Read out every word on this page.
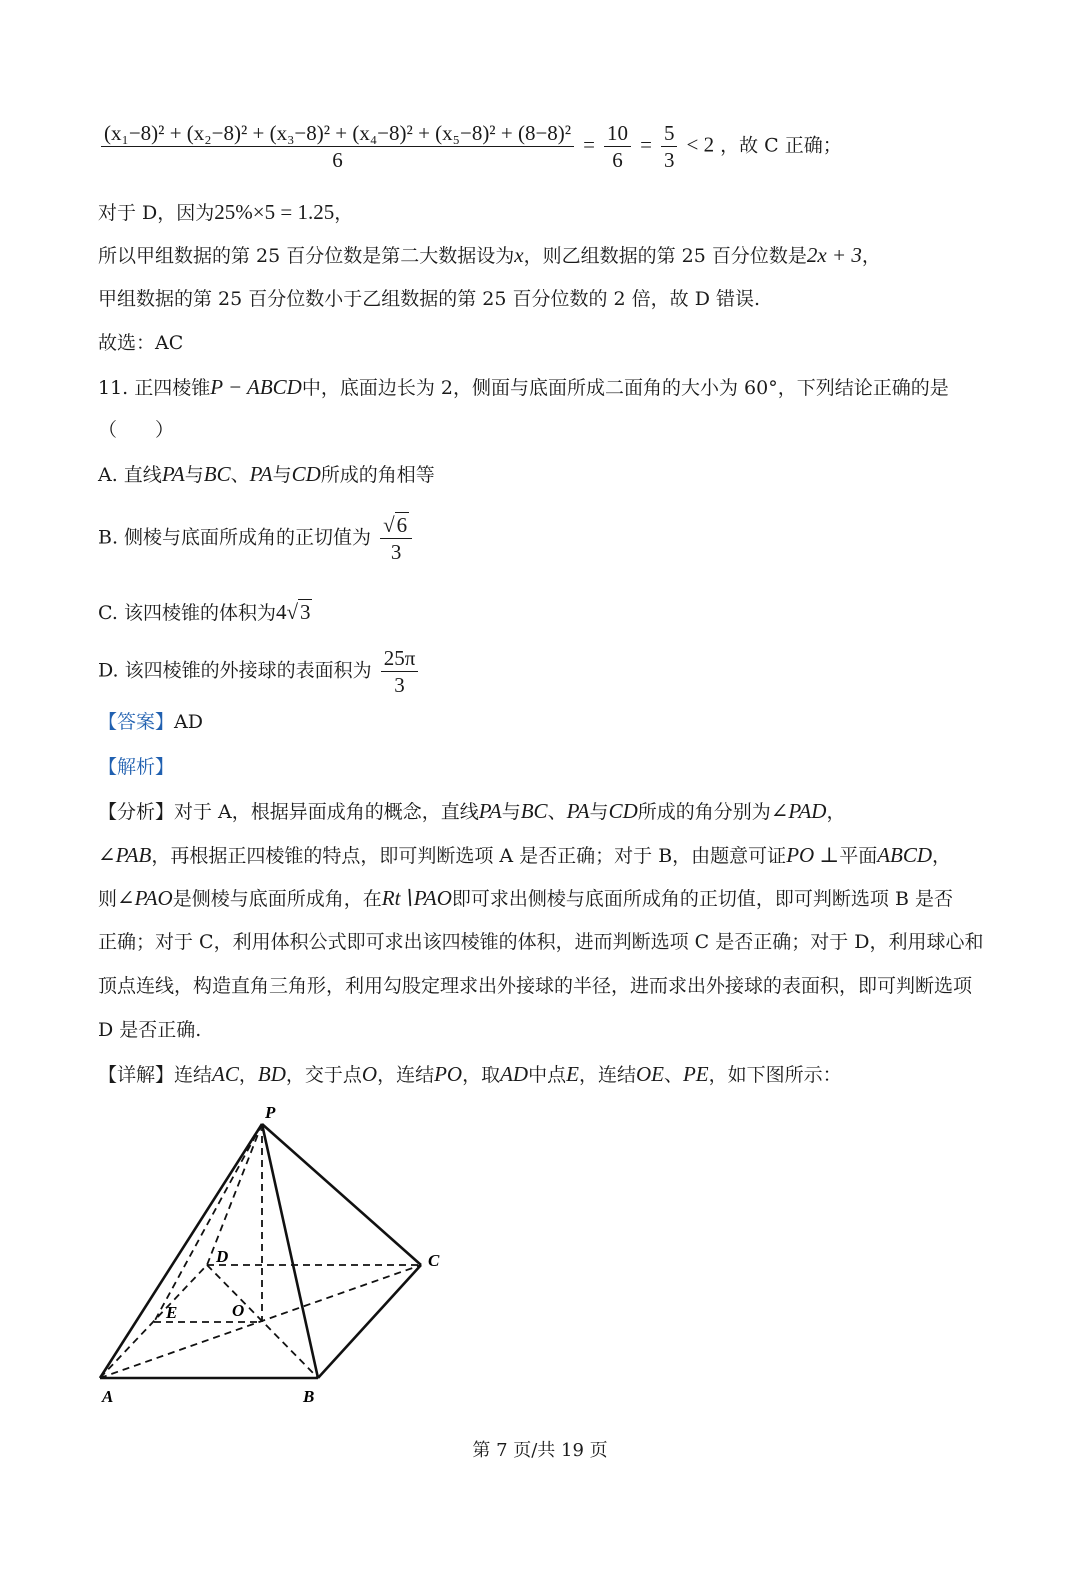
$\frac{\text{(x₁−8)² + (x₂−8)² + (x₃−8)² + (x₄−8)² + (x₅−8)² + (8−8)²}}{6} = \frac{10}{6} = \frac{5}{3} < 2$ ，故 C 正确；
对于 D，因为25%×5 = 1.25，
所以甲组数据的第 25 百分位数是第二大数据设为x，则乙组数据的第 25 百分位数是2x + 3，
甲组数据的第 25 百分位数小于乙组数据的第 25 百分位数的 2 倍，故 D 错误.
故选：AC
11. 正四棱锥P − ABCD中，底面边长为 2，侧面与底面所成二面角的大小为 60°，下列结论正确的是
（　　）
A. 直线PA与BC、PA与CD所成的角相等
B. 侧棱与底面所成角的正切值为 $\frac{√6}{3}$
C. 该四棱锥的体积为4√3
D. 该四棱锥的外接球的表面积为 $\frac{25\pi}{3}$
【答案】AD
【解析】
【分析】对于 A，根据异面成角的概念，直线PA与BC、PA与CD所成的角分别为∠PAD，
∠PAB，再根据正四棱锥的特点，即可判断选项 A 是否正确；对于 B，由题意可证PO ⊥平面ABCD，
则∠PAO是侧棱与底面所成角，在Rt∖PAO即可求出侧棱与底面所成角的正切值，即可判断选项 B 是否
正确；对于 C，利用体积公式即可求出该四棱锥的体积，进而判断选项 C 是否正确；对于 D，利用球心和
顶点连线，构造直角三角形，利用勾股定理求出外接球的半径，进而求出外接球的表面积，即可判断选项
D 是否正确.
【详解】连结AC，BD，交于点O，连结PO，取AD中点E，连结OE、PE，如下图所示：
P
A	B
C
D
E	O
第 7 页/共 19 页
